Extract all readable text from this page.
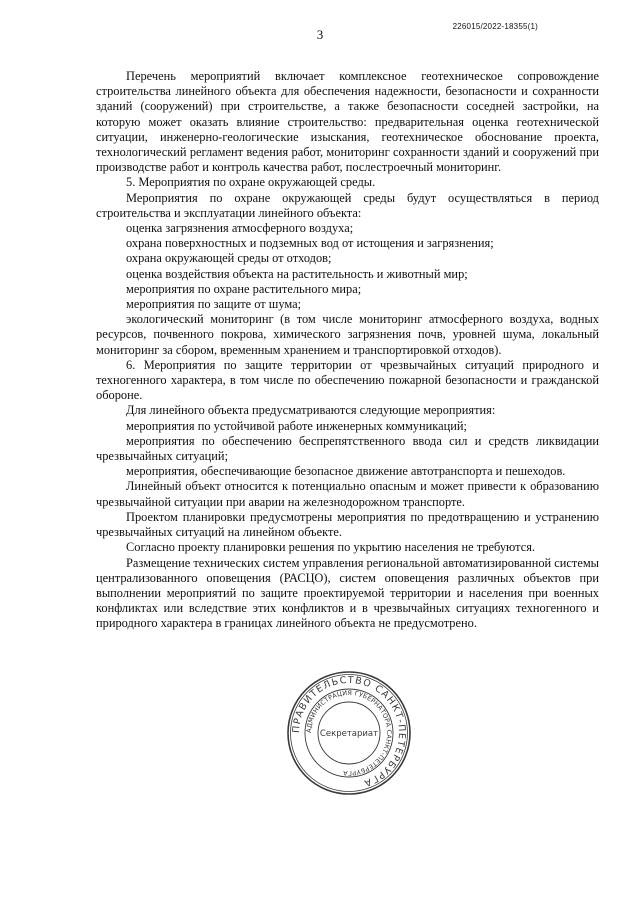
3
226015/2022-18355(1)

Перечень мероприятий включает комплексное геотехническое сопровождение строительства линейного объекта для обеспечения надежности, безопасности и сохранности зданий (сооружений) при строительстве, а также безопасности соседней застройки, на которую может оказать влияние строительство: предварительная оценка геотехнической ситуации, инженерно-геологические изыскания, геотехническое обоснование проекта, технологический регламент ведения работ, мониторинг сохранности зданий и сооружений при производстве работ и контроль качества работ, послестроечный мониторинг.

5. Мероприятия по охране окружающей среды.

Мероприятия по охране окружающей среды будут осуществляться в период строительства и эксплуатации линейного объекта:

оценка загрязнения атмосферного воздуха;

охрана поверхностных и подземных вод от истощения и загрязнения;

охрана окружающей среды от отходов;

оценка воздействия объекта на растительность и животный мир;

мероприятия по охране растительного мира;

мероприятия по защите от шума;

экологический мониторинг (в том числе мониторинг атмосферного воздуха, водных ресурсов, почвенного покрова, химического загрязнения почв, уровней шума, локальный мониторинг за сбором, временным хранением и транспортировкой отходов).

6. Мероприятия по защите территории от чрезвычайных ситуаций природного и техногенного характера, в том числе по обеспечению пожарной безопасности и гражданской обороне.

Для линейного объекта предусматриваются следующие мероприятия:

мероприятия по устойчивой работе инженерных коммуникаций;

мероприятия по обеспечению беспрепятственного ввода сил и средств ликвидации чрезвычайных ситуаций;

мероприятия, обеспечивающие безопасное движение автотранспорта и пешеходов.

Линейный объект относится к потенциально опасным и может привести к образованию чрезвычайной ситуации при аварии на железнодорожном транспорте.

Проектом планировки предусмотрены мероприятия по предотвращению и устранению чрезвычайных ситуаций на линейном объекте.

Согласно проекту планировки решения по укрытию населения не требуются.

Размещение технических систем управления региональной автоматизированной системы централизованного оповещения (РАСЦО), систем оповещения различных объектов при выполнении мероприятий по защите проектируемой территории и населения при военных конфликтах или вследствие этих конфликтов и в чрезвычайных ситуациях техногенного и природного характера в границах линейного объекта не предусмотрено.

ПРАВИТЕЛЬСТВО САНКТ-ПЕТЕРБУРГА
АДМИНИСТРАЦИЯ ГУБЕРНАТОРА САНКТ-ПЕТЕРБУРГА
Секретариат
